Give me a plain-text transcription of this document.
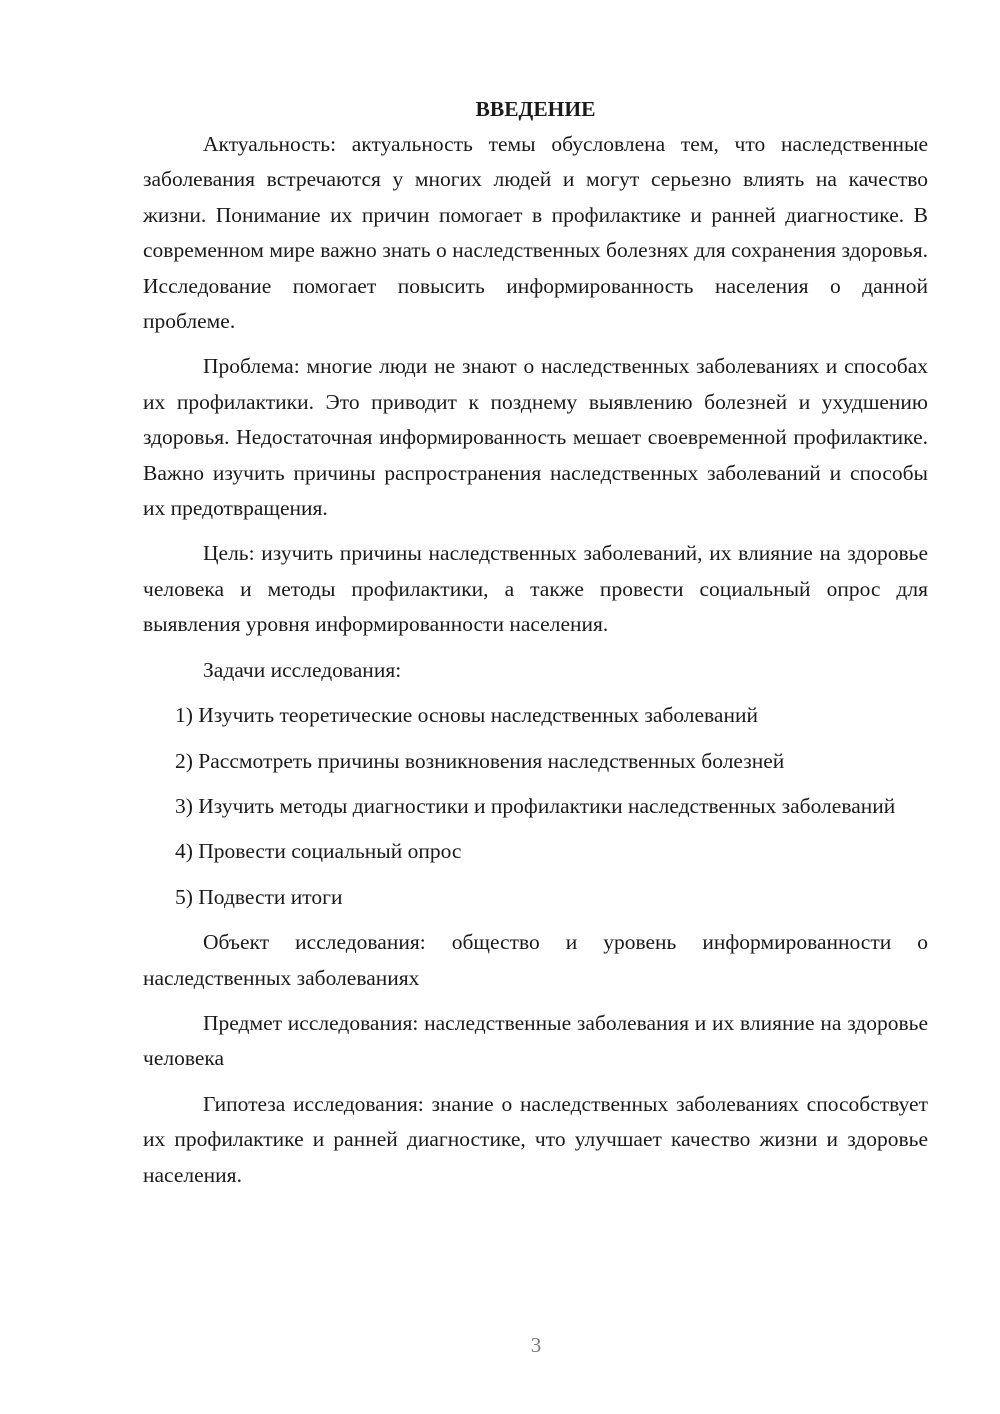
ВВЕДЕНИЕ

Актуальность: актуальность темы обусловлена тем, что наследственные заболевания встречаются у многих людей и могут серьезно влиять на качество жизни. Понимание их причин помогает в профилактике и ранней диагностике. В современном мире важно знать о наследственных болезнях для сохранения здоровья. Исследование помогает повысить информированность населения о данной проблеме.

Проблема: многие люди не знают о наследственных заболеваниях и способах их профилактики. Это приводит к позднему выявлению болезней и ухудшению здоровья. Недостаточная информированность мешает своевременной профилактике. Важно изучить причины распространения наследственных заболеваний и способы их предотвращения.

Цель: изучить причины наследственных заболеваний, их влияние на здоровье человека и методы профилактики, а также провести социальный опрос для выявления уровня информированности населения.

Задачи исследования:

1) Изучить теоретические основы наследственных заболеваний

2) Рассмотреть причины возникновения наследственных болезней

3) Изучить методы диагностики и профилактики наследственных заболеваний

4) Провести социальный опрос

5) Подвести итоги

Объект исследования: общество и уровень информированности о наследственных заболеваниях

Предмет исследования: наследственные заболевания и их влияние на здоровье человека

Гипотеза исследования: знание о наследственных заболеваниях способствует их профилактике и ранней диагностике, что улучшает качество жизни и здоровье населения.

3
